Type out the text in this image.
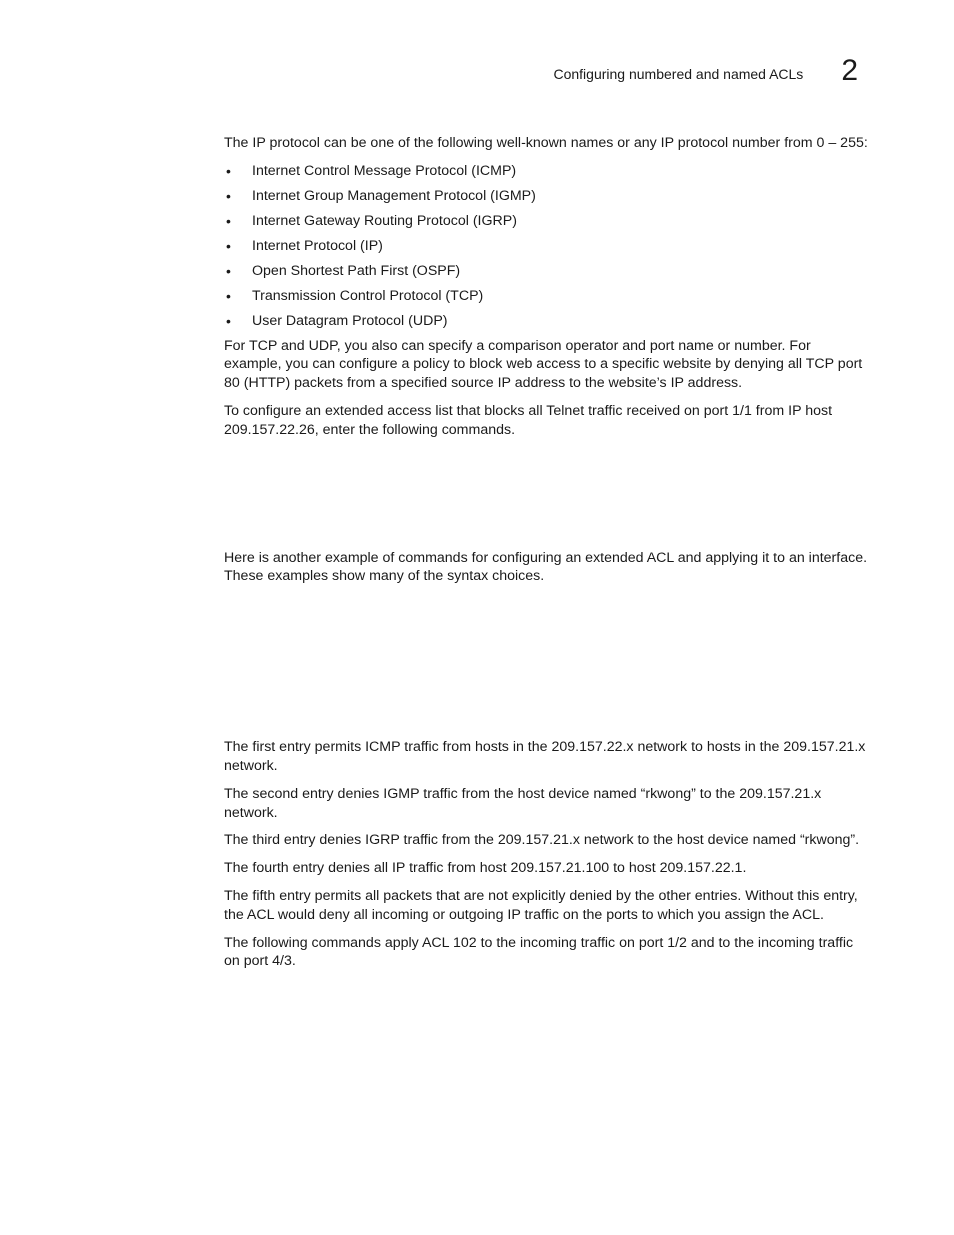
Configuring numbered and named ACLs 2

The IP protocol can be one of the following well-known names or any IP protocol number from 0 – 255:

• Internet Control Message Protocol (ICMP)
• Internet Group Management Protocol (IGMP)
• Internet Gateway Routing Protocol (IGRP)
• Internet Protocol (IP)
• Open Shortest Path First (OSPF)
• Transmission Control Protocol (TCP)
• User Datagram Protocol (UDP)

For TCP and UDP, you also can specify a comparison operator and port name or number. For example, you can configure a policy to block web access to a specific website by denying all TCP port 80 (HTTP) packets from a specified source IP address to the website’s IP address.

To configure an extended access list that blocks all Telnet traffic received on port 1/1 from IP host 209.157.22.26, enter the following commands.

Here is another example of commands for configuring an extended ACL and applying it to an interface. These examples show many of the syntax choices.

The first entry permits ICMP traffic from hosts in the 209.157.22.x network to hosts in the 209.157.21.x network.

The second entry denies IGMP traffic from the host device named “rkwong” to the 209.157.21.x network.

The third entry denies IGRP traffic from the 209.157.21.x network to the host device named “rkwong”.

The fourth entry denies all IP traffic from host 209.157.21.100 to host 209.157.22.1.

The fifth entry permits all packets that are not explicitly denied by the other entries. Without this entry, the ACL would deny all incoming or outgoing IP traffic on the ports to which you assign the ACL.

The following commands apply ACL 102 to the incoming traffic on port 1/2 and to the incoming traffic on port 4/3.
